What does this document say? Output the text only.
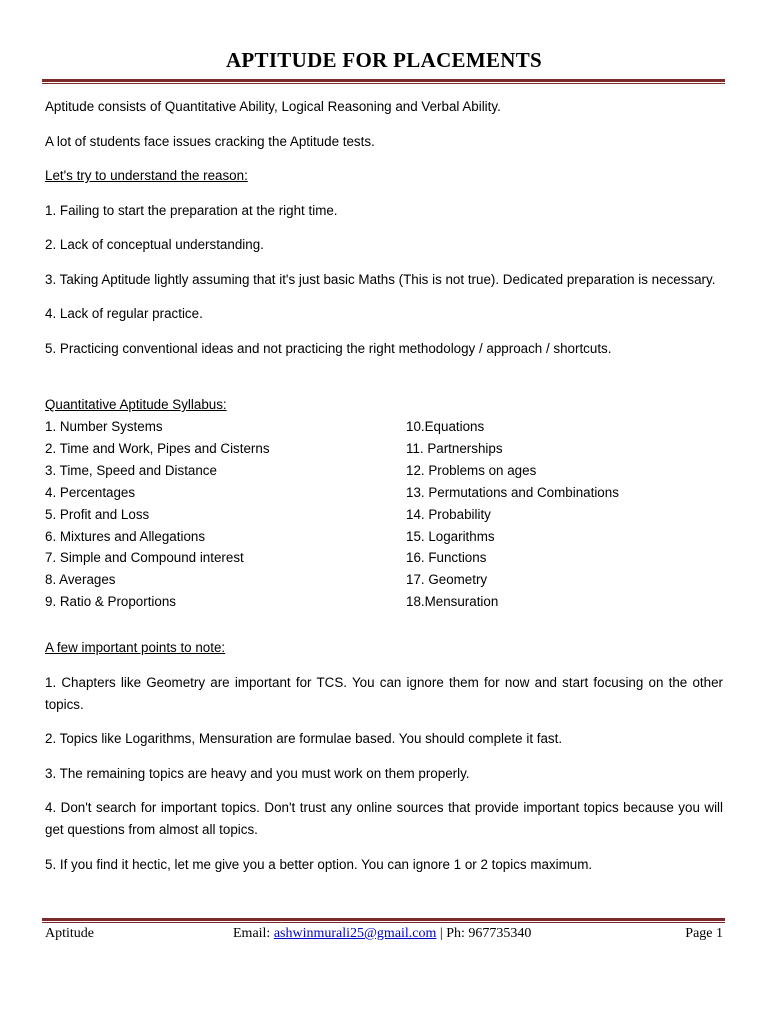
APTITUDE FOR PLACEMENTS

Aptitude consists of Quantitative Ability, Logical Reasoning and Verbal Ability.

A lot of students face issues cracking the Aptitude tests.

Let's try to understand the reason:

1. Failing to start the preparation at the right time.

2. Lack of conceptual understanding.

3. Taking Aptitude lightly assuming that it's just basic Maths (This is not true). Dedicated preparation is necessary.

4. Lack of regular practice.

5. Practicing conventional ideas and not practicing the right methodology / approach / shortcuts.

Quantitative Aptitude Syllabus:

1. Number Systems	10.Equations
2. Time and Work, Pipes and Cisterns	11. Partnerships
3. Time, Speed and Distance	12. Problems on ages
4. Percentages	13. Permutations and Combinations
5. Profit and Loss	14. Probability
6. Mixtures and Allegations	15. Logarithms
7. Simple and Compound interest	16. Functions
8. Averages	17. Geometry
9. Ratio & Proportions	18.Mensuration

A few important points to note:

1. Chapters like Geometry are important for TCS. You can ignore them for now and start focusing on the other topics.

2. Topics like Logarithms, Mensuration are formulae based. You should complete it fast.

3. The remaining topics are heavy and you must work on them properly.

4. Don't search for important topics. Don't trust any online sources that provide important topics because you will get questions from almost all topics.

5. If you find it hectic, let me give you a better option. You can ignore 1 or 2 topics maximum.

Aptitude	Email: ashwinmurali25@gmail.com | Ph: 967735340	Page 1
